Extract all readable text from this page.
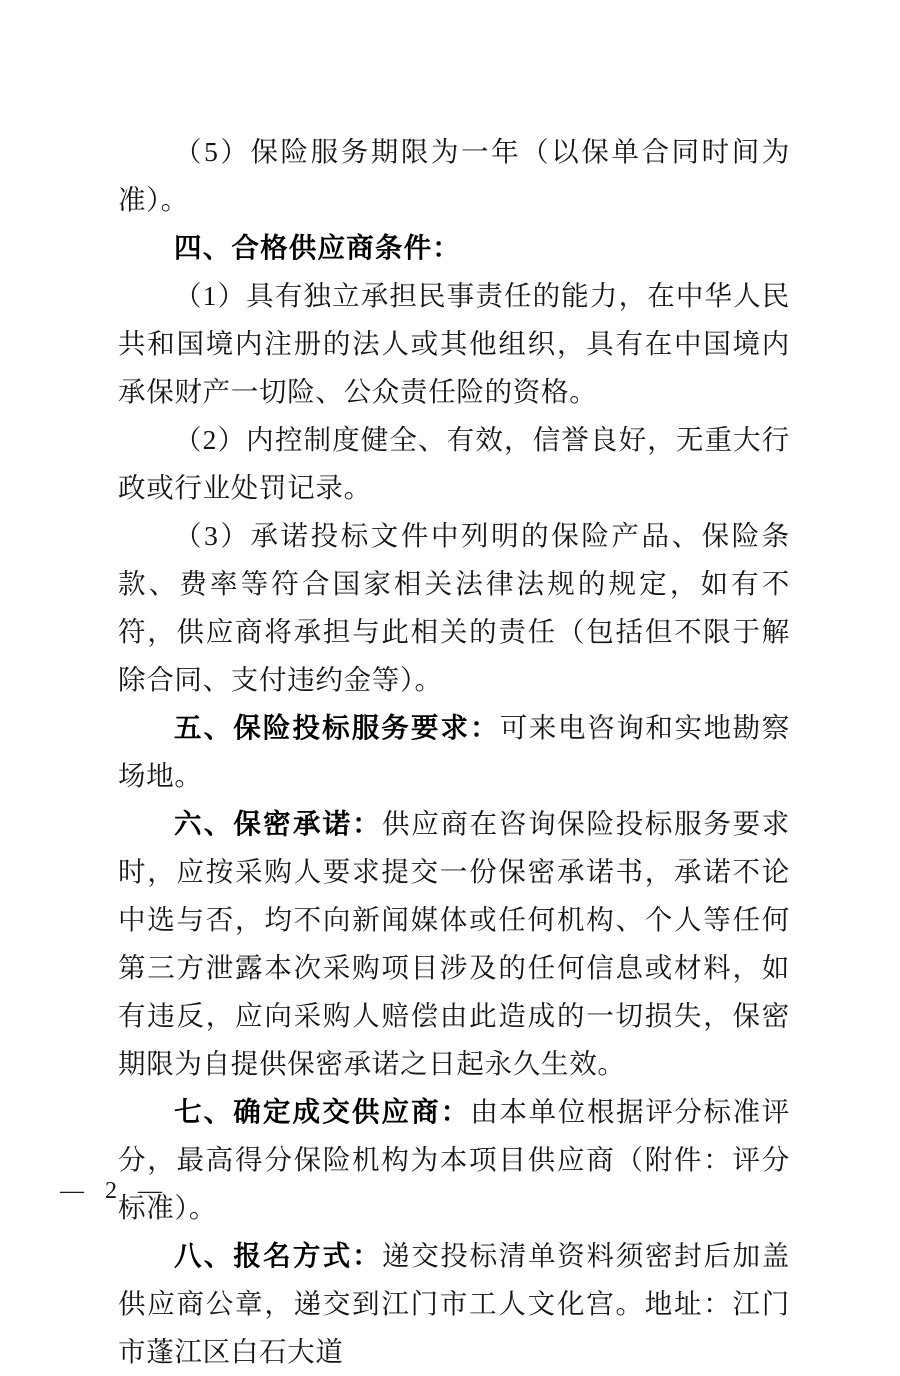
（5）保险服务期限为一年（以保单合同时间为准）。

四、合格供应商条件：

（1）具有独立承担民事责任的能力，在中华人民共和国境内注册的法人或其他组织，具有在中国境内承保财产一切险、公众责任险的资格。

（2）内控制度健全、有效，信誉良好，无重大行政或行业处罚记录。

（3）承诺投标文件中列明的保险产品、保险条款、费率等符合国家相关法律法规的规定，如有不符，供应商将承担与此相关的责任（包括但不限于解除合同、支付违约金等）。

五、保险投标服务要求：可来电咨询和实地勘察场地。

六、保密承诺：供应商在咨询保险投标服务要求时，应按采购人要求提交一份保密承诺书，承诺不论中选与否，均不向新闻媒体或任何机构、个人等任何第三方泄露本次采购项目涉及的任何信息或材料，如有违反，应向采购人赔偿由此造成的一切损失，保密期限为自提供保密承诺之日起永久生效。

七、确定成交供应商：由本单位根据评分标准评分，最高得分保险机构为本项目供应商（附件：评分标准）。

八、报名方式：递交投标清单资料须密封后加盖供应商公章，递交到江门市工人文化宫。地址：江门市蓬江区白石大道

—  2  —
